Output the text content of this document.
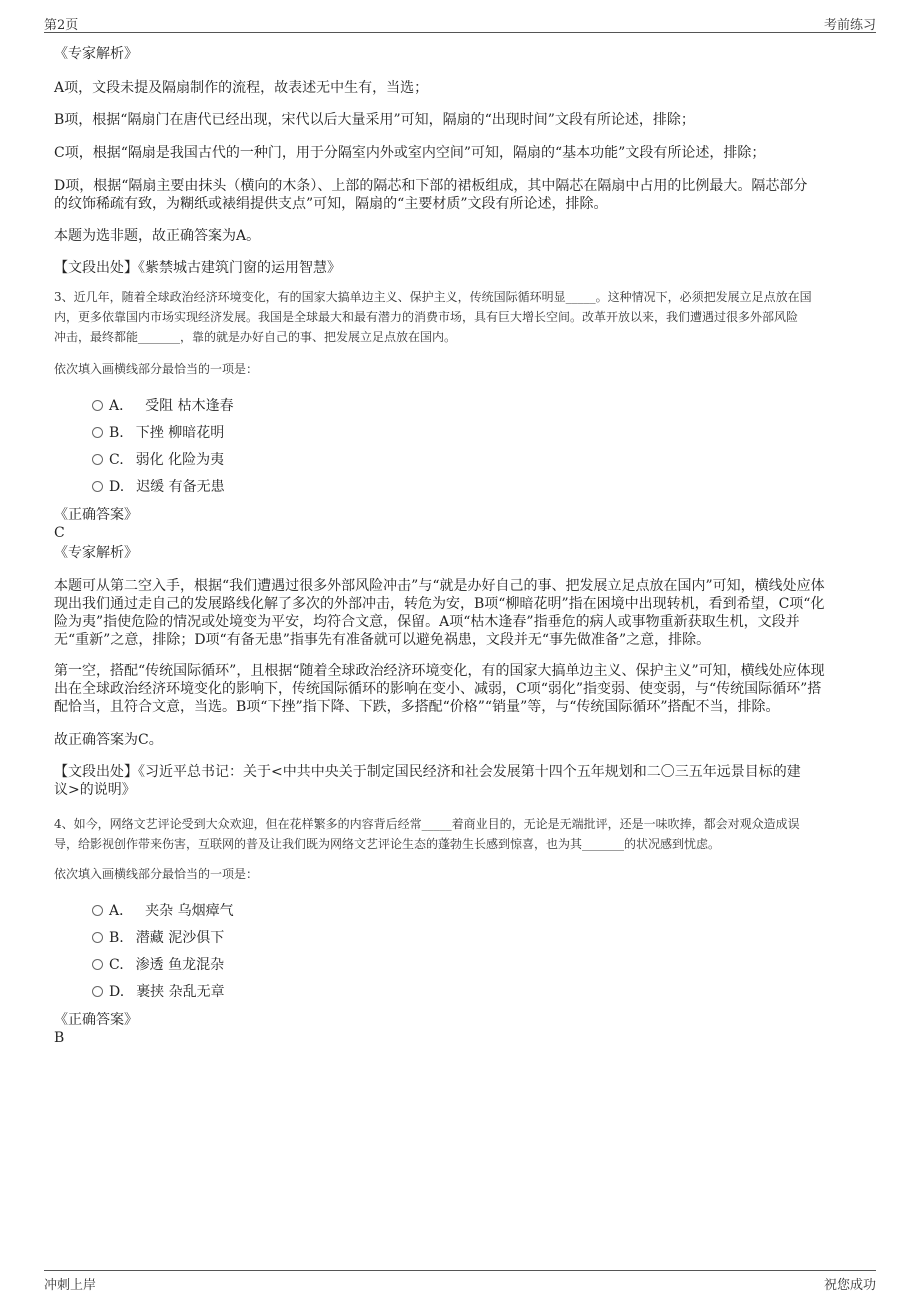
第2页	考前练习

《专家解析》

A项，文段未提及隔扇制作的流程，故表述无中生有，当选；

B项，根据“隔扇门在唐代已经出现，宋代以后大量采用”可知，隔扇的“出现时间”文段有所论述，排除；

C项，根据“隔扇是我国古代的一种门，用于分隔室内外或室内空间”可知，隔扇的“基本功能”文段有所论述，排除；

D项，根据“隔扇主要由抹头（横向的木条）、上部的隔芯和下部的裙板组成，其中隔芯在隔扇中占用的比例最大。隔芯部分

的纹饰稀疏有致，为糊纸或裱绢提供支点”可知，隔扇的“主要材质”文段有所论述，排除。

本题为选非题，故正确答案为A。

【文段出处】《紫禁城古建筑门窗的运用智慧》

3、近几年，随着全球政治经济环境变化，有的国家大搞单边主义、保护主义，传统国际循环明显_____。这种情况下，必须把发展立足点放在国

内，更多依靠国内市场实现经济发展。我国是全球最大和最有潜力的消费市场，具有巨大增长空间。改革开放以来，我们遭遇过很多外部风险

冲击，最终都能_______，靠的就是办好自己的事、把发展立足点放在国内。

依次填入画横线部分最恰当的一项是：

A． 受阻 枯木逢春
B. 下挫 柳暗花明
C. 弱化 化险为夷
D. 迟缓 有备无患

《正确答案》

C

《专家解析》

本题可从第二空入手，根据“我们遭遇过很多外部风险冲击”与“就是办好自己的事、把发展立足点放在国内”可知，横线处应体

现出我们通过走自己的发展路线化解了多次的外部冲击，转危为安，B项“柳暗花明”指在困境中出现转机，看到希望，C项“化

险为夷”指使危险的情况或处境变为平安，均符合文意，保留。A项“枯木逢春”指垂危的病人或事物重新获取生机，文段并

无“重新”之意，排除；D项“有备无患”指事先有准备就可以避免祸患，文段并无“事先做准备”之意，排除。

第一空，搭配“传统国际循环”，且根据“随着全球政治经济环境变化，有的国家大搞单边主义、保护主义”可知，横线处应体现

出在全球政治经济环境变化的影响下，传统国际循环的影响在变小、减弱，C项“弱化”指变弱、使变弱，与“传统国际循环”搭

配恰当，且符合文意，当选。B项“下挫”指下降、下跌，多搭配“价格”“销量”等，与“传统国际循环”搭配不当，排除。

故正确答案为C。

【文段出处】《习近平总书记：关于<中共中央关于制定国民经济和社会发展第十四个五年规划和二〇三五年远景目标的建

议>的说明》

4、如今，网络文艺评论受到大众欢迎，但在花样繁多的内容背后经常_____着商业目的，无论是无端批评，还是一味吹捧，都会对观众造成误

导，给影视创作带来伤害，互联网的普及让我们既为网络文艺评论生态的蓬勃生长感到惊喜，也为其_______的状况感到忧虑。

依次填入画横线部分最恰当的一项是：

A． 夹杂 乌烟瘴气
B. 潜藏 泥沙俱下
C. 渗透 鱼龙混杂
D. 裹挟 杂乱无章

《正确答案》

B

冲刺上岸	祝您成功
